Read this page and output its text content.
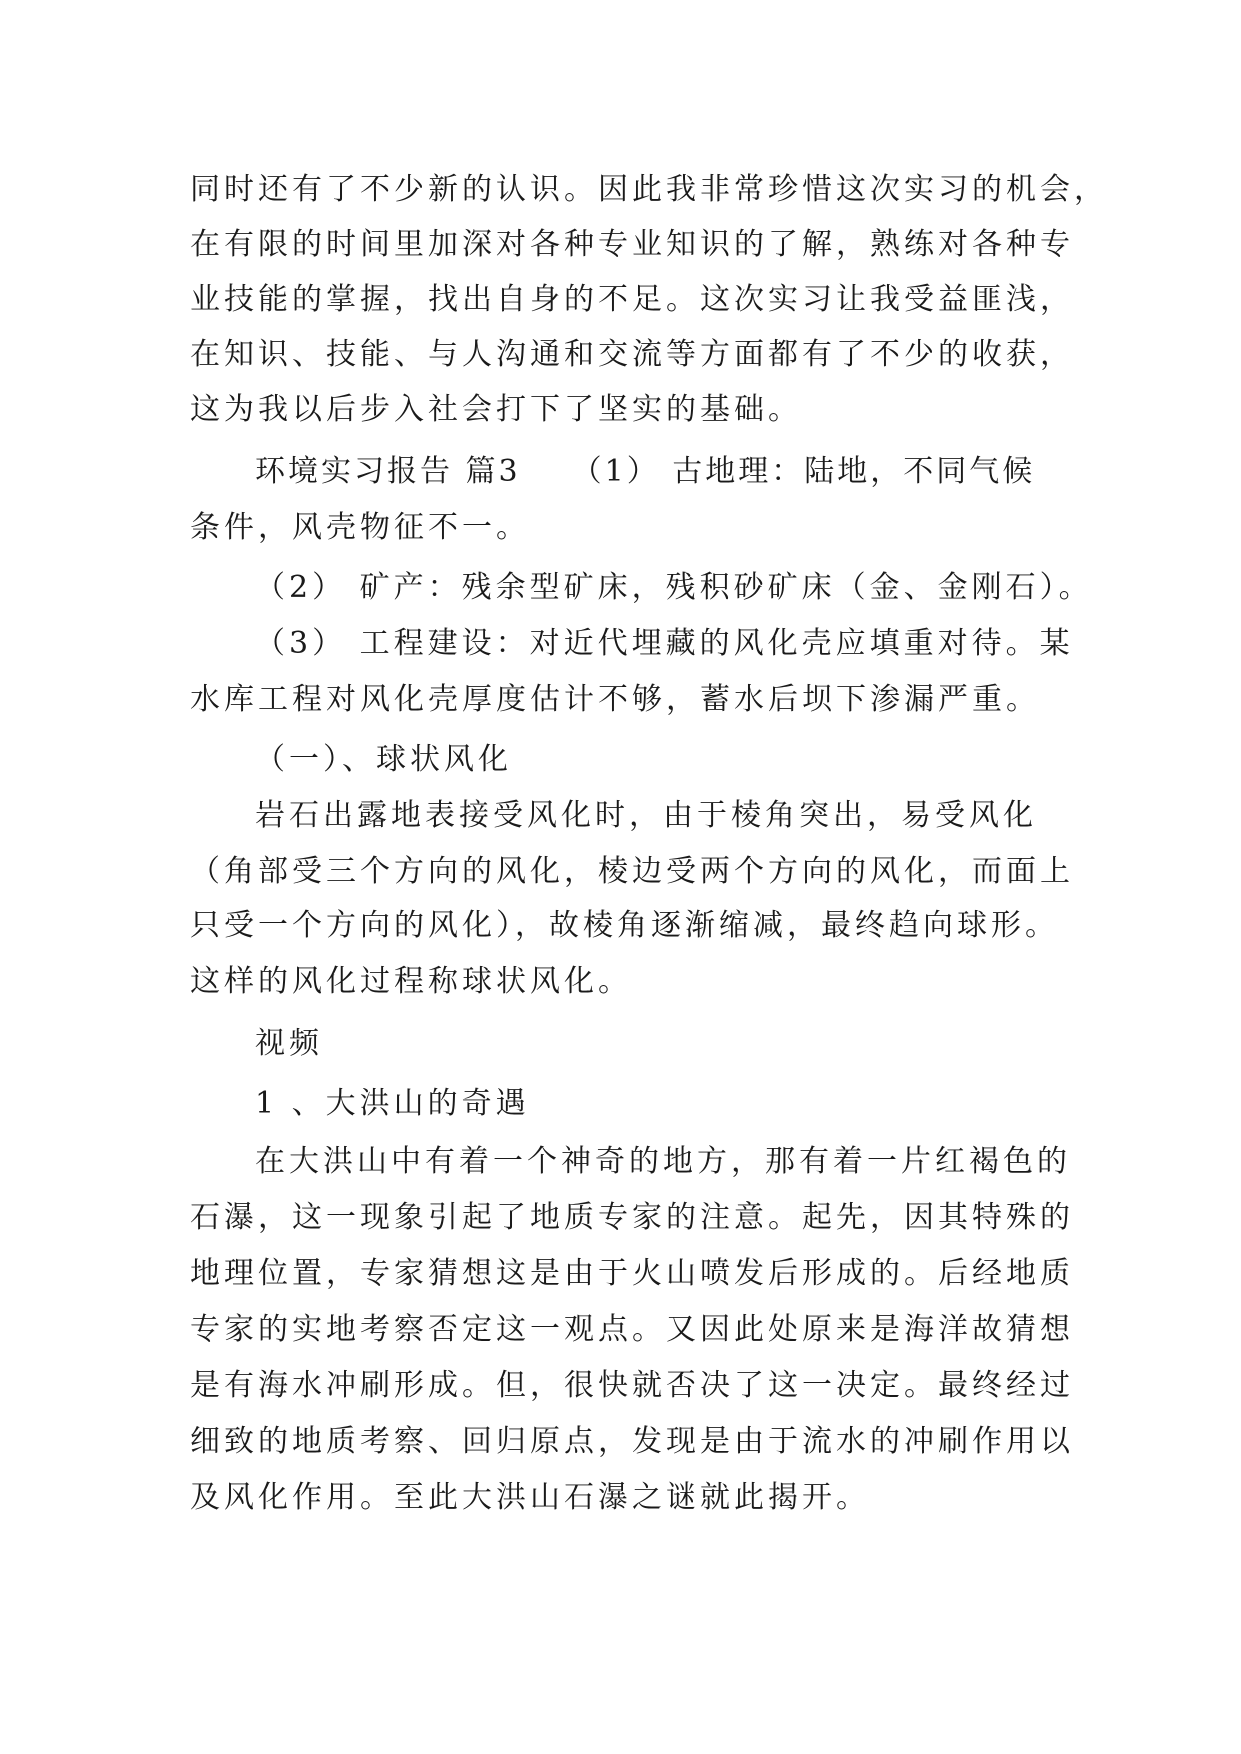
同时还有了不少新的认识。因此我非常珍惜这次实习的机会，

在有限的时间里加深对各种专业知识的了解，熟练对各种专

业技能的掌握，找出自身的不足。这次实习让我受益匪浅，

在知识、技能、与人沟通和交流等方面都有了不少的收获，

这为我以后步入社会打下了坚实的基础。

环境实习报告 篇3　　（1） 古地理：陆地，不同气候

条件，风壳物征不一。

（2） 矿产：残余型矿床，残积砂矿床（金、金刚石）。

（3） 工程建设：对近代埋藏的风化壳应填重对待。某

水库工程对风化壳厚度估计不够，蓄水后坝下渗漏严重。

（一）、球状风化

岩石出露地表接受风化时，由于棱角突出，易受风化

（角部受三个方向的风化，棱边受两个方向的风化，而面上

只受一个方向的风化），故棱角逐渐缩减，最终趋向球形。

这样的风化过程称球状风化。

视频

1 、大洪山的奇遇

在大洪山中有着一个神奇的地方，那有着一片红褐色的

石瀑，这一现象引起了地质专家的注意。起先，因其特殊的

地理位置，专家猜想这是由于火山喷发后形成的。后经地质

专家的实地考察否定这一观点。又因此处原来是海洋故猜想

是有海水冲刷形成。但，很快就否决了这一决定。最终经过

细致的地质考察、回归原点，发现是由于流水的冲刷作用以

及风化作用。至此大洪山石瀑之谜就此揭开。
